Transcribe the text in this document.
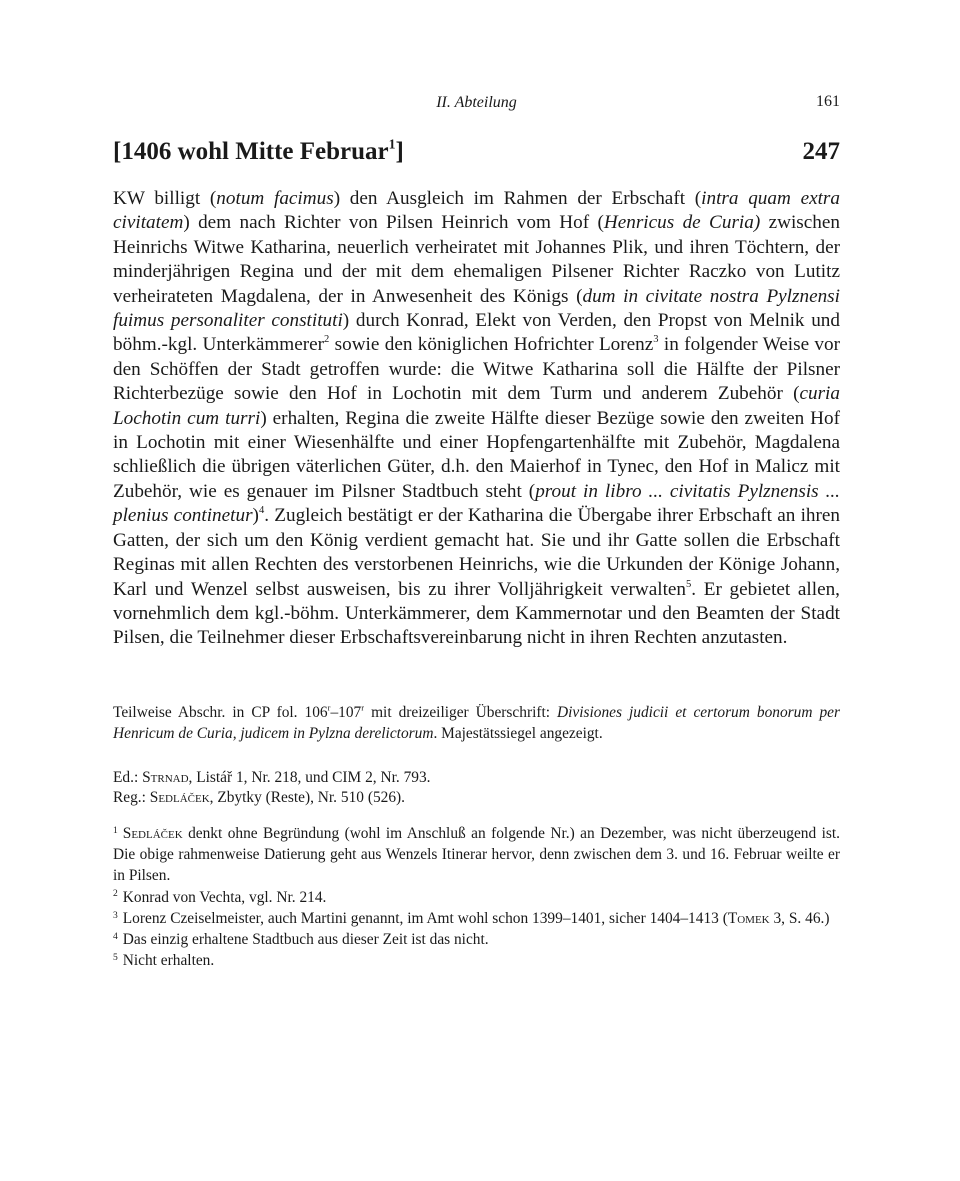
II. Abteilung	161
[1406 wohl Mitte Februar$^1$]	247

KW billigt (notum facimus) den Ausgleich im Rahmen der Erbschaft (intra quam extra civitatem) dem nach Richter von Pilsen Heinrich vom Hof (Henricus de Curia) zwischen Heinrichs Witwe Katharina, neuerlich verheiratet mit Johannes Plik, und ihren Töchtern, der minderjährigen Regina und der mit dem ehemaligen Pilsener Richter Raczko von Lutitz verheirateten Magdalena, der in Anwesenheit des Königs (dum in civitate nostra Pylznensi fuimus personaliter constituti) durch Konrad, Elekt von Verden, den Propst von Melnik und böhm.-kgl. Unterkämmerer$^2$ sowie den königlichen Hofrichter Lorenz$^3$ in folgender Weise vor den Schöffen der Stadt getroffen wurde: die Witwe Katharina soll die Hälfte der Pilsner Richterbezüge sowie den Hof in Lochotin mit dem Turm und anderem Zubehör (curia Lochotin cum turri) erhalten, Regina die zweite Hälfte dieser Bezüge sowie den zweiten Hof in Lochotin mit einer Wiesenhälfte und einer Hopfengartenhälfte mit Zubehör, Magdalena schließlich die übrigen väterlichen Güter, d.h. den Maierhof in Tynec, den Hof in Malicz mit Zubehör, wie es genauer im Pilsner Stadtbuch steht (prout in libro ... civitatis Pylznensis ... plenius continetur)$^4$. Zugleich bestätigt er der Katharina die Übergabe ihrer Erbschaft an ihren Gatten, der sich um den König verdient gemacht hat. Sie und ihr Gatte sollen die Erbschaft Reginas mit allen Rechten des verstorbenen Heinrichs, wie die Urkunden der Könige Johann, Karl und Wenzel selbst ausweisen, bis zu ihrer Volljährigkeit verwalten$^5$. Er gebietet allen, vornehmlich dem kgl.-böhm. Unterkämmerer, dem Kammernotar und den Beamten der Stadt Pilsen, die Teilnehmer dieser Erbschaftsvereinbarung nicht in ihren Rechten anzutasten.

Teilweise Abschr. in CP fol. 106$^r$–107$^r$ mit dreizeiliger Überschrift: Divisiones judicii et certorum bonorum per Henricum de Curia, judicem in Pylzna derelictorum. Majestätssiegel angezeigt.

Ed.: Strnad, Listář 1, Nr. 218, und CIM 2, Nr. 793.
Reg.: Sedláček, Zbytky (Reste), Nr. 510 (526).

$^1$ Sedláček denkt ohne Begründung (wohl im Anschluß an folgende Nr.) an Dezember, was nicht überzeugend ist. Die obige rahmenweise Datierung geht aus Wenzels Itinerar hervor, denn zwischen dem 3. und 16. Februar weilte er in Pilsen.

$^2$ Konrad von Vechta, vgl. Nr. 214.

$^3$ Lorenz Czeiselmeister, auch Martini genannt, im Amt wohl schon 1399–1401, sicher 1404–1413 (Tomek 3, S. 46.)

$^4$ Das einzig erhaltene Stadtbuch aus dieser Zeit ist das nicht.

$^5$ Nicht erhalten.
